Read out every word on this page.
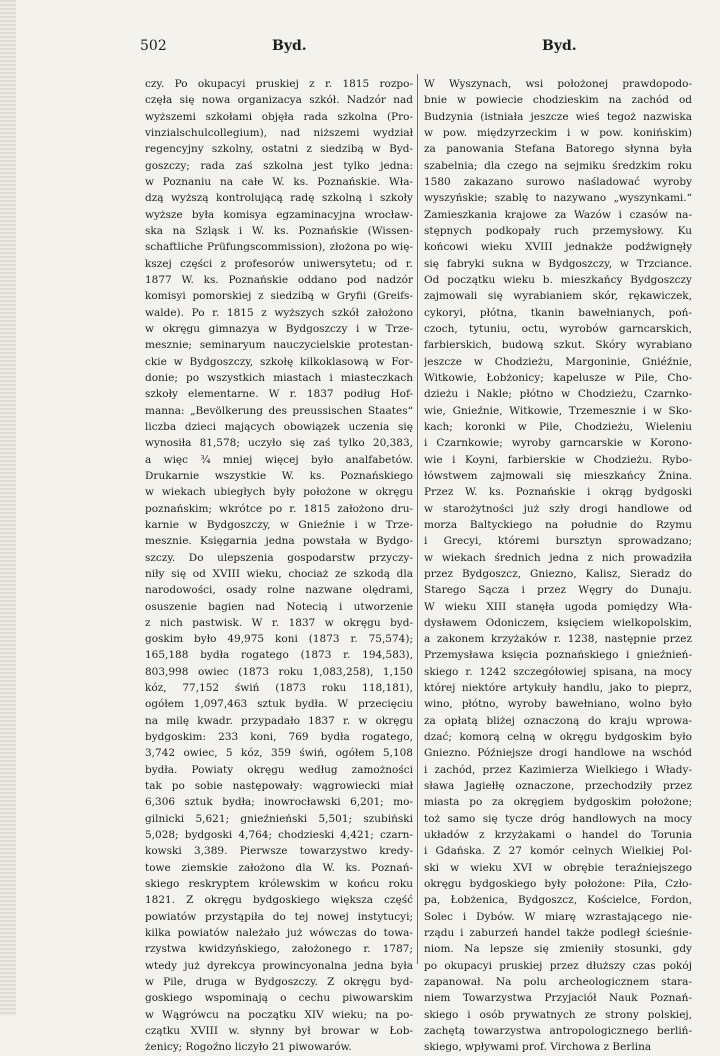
502	Byd.	Byd.
czy. Po okupacyi pruskiej z r. 1815 rozpo-
częła się nowa organizacya szkół. Nadzór nad
wyższemi szkołami objęła rada szkolna (Pro-
vinzialschulcollegium), nad niższemi wydział
regencyjny szkolny, ostatni z siedzibą w Byd-
goszczy; rada zaś szkolna jest tylko jedna:
w Poznaniu na całe W. ks. Poznańskie. Wła-
dzą wyższą kontrolującą radę szkolną i szkoły
wyższe była komisya egzaminacyjna wrocław-
ska na Szląsk i W. ks. Poznańskie (Wissen-
schaftliche Prüfungscommission), złożona po wię-
kszej części z profesorów uniwersytetu; od r.
1877 W. ks. Poznańskie oddano pod nadzór
komisyi pomorskiej z siedzibą w Gryfii (Greifs-
walde). Po r. 1815 z wyższych szkół założono
w okręgu gimnazya w Bydgoszczy i w Trze-
mesznie; seminaryum nauczycielskie protestan-
ckie w Bydgoszczy, szkołę kilkoklasową w For-
donie; po wszystkich miastach i miasteczkach
szkoły elementarne. W r. 1837 podług Hof-
manna: „Bevölkerung des preussischen Staates“
liczba dzieci mających obowiązek uczenia się
wynosiła 81,578; uczyło się zaś tylko 20,383,
a więc ¾ mniej więcej było analfabetów.
Drukarnie wszystkie W. ks. Poznańskiego
w wiekach ubiegłych były położone w okręgu
poznańskim; wkrótce po r. 1815 założono dru-
karnie w Bydgoszczy, w Gnieźnie i w Trze-
mesznie. Księgarnia jedna powstała w Bydgo-
szczy. Do ulepszenia gospodarstw przyczy-
niły się od XVIII wieku, chociaż ze szkodą dla
narodowości, osady rolne nazwane olędrami,
osuszenie bagien nad Notecią i utworzenie
z nich pastwisk. W r. 1837 w okręgu byd-
goskim było 49,975 koni (1873 r. 75,574);
165,188 bydła rogatego (1873 r. 194,583),
803,998 owiec (1873 roku 1,083,258), 1,150
kóz, 77,152 świń (1873 roku 118,181),
ogółem 1,097,463 sztuk bydła. W przecięciu
na milę kwadr. przypadało 1837 r. w okręgu
bydgoskim: 233 koni, 769 bydła rogatego,
3,742 owiec, 5 kóz, 359 świń, ogółem 5,108
bydła. Powiaty okręgu według zamożności
tak po sobie następowały: wągrowiecki miał
6,306 sztuk bydła; inowrocławski 6,201; mo-
gilnicki 5,621; gnieźnieński 5,501; szubiński
5,028; bydgoski 4,764; chodzieski 4,421; czarn-
kowski 3,389. Pierwsze towarzystwo kredy-
towe ziemskie założono dla W. ks. Poznań-
skiego reskryptem królewskim w końcu roku
1821. Z okręgu bydgoskiego większa część
powiatów przystąpiła do tej nowej instytucyi;
kilka powiatów należało już wówczas do towa-
rzystwa kwidzyńskiego, założonego r. 1787;
wtedy już dyrekcya prowincyonalna jedna była
w Pile, druga w Bydgoszczy. Z okręgu byd-
goskiego wspominają o cechu piwowarskim
w Wągrówcu na początku XIV wieku; na po-
czątku XVIII w. słynny był browar w Łob-
żenicy; Rogoźno liczyło 21 piwowarów.
W Wyszynach, wsi położonej prawdopodo-
bnie w powiecie chodzieskim na zachód od
Budzynia (istniała jeszcze wieś tegoż nazwiska
w pow. międzyrzeckim i w pow. konińskim)
za panowania Stefana Batorego słynna była
szabelnia; dla czego na sejmiku średzkim roku
1580 zakazano surowo naśladować wyroby
wyszyńskie; szablę to nazywano „wyszynkami.“
Zamieszkania krajowe za Wazów i czasów na-
stępnych podkopały ruch przemysłowy. Ku
końcowi wieku XVIII jednakże podźwignęły
się fabryki sukna w Bydgoszczy, w Trzciance.
Od początku wieku b. mieszkańcy Bydgoszczy
zajmowali się wyrabianiem skór, rękawiczek,
cykoryi, płótna, tkanin bawełnianych, poń-
czoch, tytuniu, octu, wyrobów garncarskich,
farbierskich, budową szkut. Skóry wyrabiano
jeszcze w Chodzieżu, Margoninie, Gniéźnie,
Witkowie, Łobżonicy; kapelusze w Pile, Cho-
dzieżu i Nakle; płótno w Chodzieżu, Czarnko-
wie, Gnieźnie, Witkowie, Trzemesznie i w Sko-
kach; koronki w Pile, Chodzieżu, Wieleniu
i Czarnkowie; wyroby garncarskie w Korono-
wie i Koyni, farbierskie w Chodzieżu. Rybo-
łówstwem zajmowali się mieszkańcy Żnina.
Przez W. ks. Poznańskie i okrąg bydgoski
w starożytności już szły drogi handlowe od
morza Baltyckiego na południe do Rzymu
i Grecyi, któremi bursztyn sprowadzano;
w wiekach średnich jedna z nich prowadziła
przez Bydgoszcz, Gniezno, Kalisz, Sieradz do
Starego Sącza i przez Węgry do Dunaju.
W wieku XIII stanęła ugoda pomiędzy Wła-
dysławem Odoniczem, księciem wielkopolskim,
a zakonem krzyżaków r. 1238, następnie przez
Przemysława księcia poznańskiego i gnieźnień-
skiego r. 1242 szczegółowiej spisana, na mocy
której niektóre artykuły handlu, jako to pieprz,
wino, płótno, wyroby bawełniano, wolno było
za opłatą bliżej oznaczoną do kraju wprowa-
dzać; komorą celną w okręgu bydgoskim było
Gniezno. Późniejsze drogi handlowe na wschód
i zachód, przez Kazimierza Wielkiego i Włady-
sława Jagiełłę oznaczone, przechodziły przez
miasta po za okręgiem bydgoskim położone;
toż samo się tycze dróg handlowych na mocy
układów z krzyżakami o handel do Torunia
i Gdańska. Z 27 komór celnych Wielkiej Pol-
ski w wieku XVI w obrębie teraźniejszego
okręgu bydgoskiego były położone: Piła, Czło-
pa, Łobżenica, Bydgoszcz, Kościelce, Fordon,
Solec i Dybów. W miarę wzrastającego nie-
rządu i zaburzeń handel także podległ ścieśnie-
niom. Na lepsze się zmieniły stosunki, gdy
po okupacyi pruskiej przez dłuższy czas pokój
zapanował. Na polu archeologicznem stara-
niem Towarzystwa Przyjaciół Nauk Poznań-
skiego i osób prywatnych ze strony polskiej,
zachętą towarzystwa antropologicznego berliń-
skiego, wpływami prof. Virchowa z Berlina
